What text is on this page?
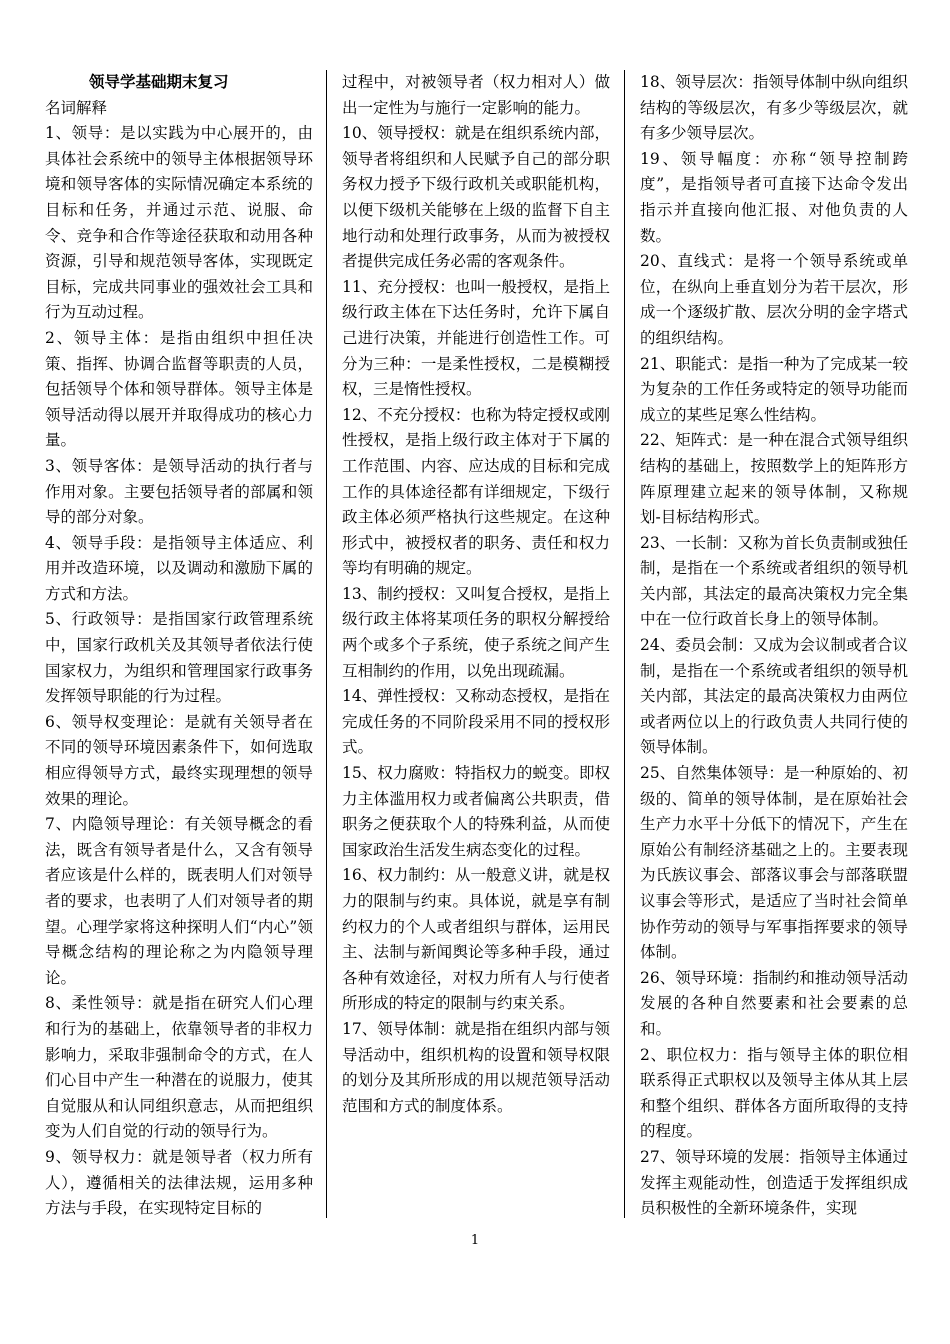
领导学基础期末复习
名词解释

1、领导：是以实践为中心展开的，由具体社会系统中的领导主体根据领导环境和领导客体的实际情况确定本系统的目标和任务，并通过示范、说服、命令、竞争和合作等途径获取和动用各种资源，引导和规范领导客体，实现既定目标，完成共同事业的强效社会工具和行为互动过程。

2、领导主体：是指由组织中担任决策、指挥、协调合监督等职责的人员，包括领导个体和领导群体。领导主体是领导活动得以展开并取得成功的核心力量。

3、领导客体：是领导活动的执行者与作用对象。主要包括领导者的部属和领导的部分对象。

4、领导手段：是指领导主体适应、利用并改造环境，以及调动和激励下属的方式和方法。

5、行政领导：是指国家行政管理系统中，国家行政机关及其领导者依法行使国家权力，为组织和管理国家行政事务发挥领导职能的行为过程。

6、领导权变理论：是就有关领导者在不同的领导环境因素条件下，如何选取相应得领导方式，最终实现理想的领导效果的理论。

7、内隐领导理论：有关领导概念的看法，既含有领导者是什么，又含有领导者应该是什么样的，既表明人们对领导者的要求，也表明了人们对领导者的期望。心理学家将这种探明人们“内心”领导概念结构的理论称之为内隐领导理论。

8、柔性领导：就是指在研究人们心理和行为的基础上，依靠领导者的非权力影响力，采取非强制命令的方式，在人们心目中产生一种潜在的说服力，使其自觉服从和认同组织意志，从而把组织变为人们自觉的行动的领导行为。

9、领导权力：就是领导者（权力所有人），遵循相关的法律法规，运用多种方法与手段，在实现特定目标的

过程中，对被领导者（权力相对人）做出一定性为与施行一定影响的能力。

10、领导授权：就是在组织系统内部，领导者将组织和人民赋予自己的部分职务权力授予下级行政机关或职能机构，以便下级机关能够在上级的监督下自主地行动和处理行政事务，从而为被授权者提供完成任务必需的客观条件。

11、充分授权：也叫一般授权，是指上级行政主体在下达任务时，允许下属自己进行决策，并能进行创造性工作。可分为三种：一是柔性授权，二是模糊授权，三是惰性授权。

12、不充分授权：也称为特定授权或刚性授权，是指上级行政主体对于下属的工作范围、内容、应达成的目标和完成工作的具体途径都有详细规定，下级行政主体必须严格执行这些规定。在这种形式中，被授权者的职务、责任和权力等均有明确的规定。

13、制约授权：又叫复合授权，是指上级行政主体将某项任务的职权分解授给两个或多个子系统，使子系统之间产生互相制约的作用，以免出现疏漏。

14、弹性授权：又称动态授权，是指在完成任务的不同阶段采用不同的授权形式。

15、权力腐败：特指权力的蜕变。即权力主体滥用权力或者偏离公共职责，借职务之便获取个人的特殊利益，从而使国家政治生活发生病态变化的过程。

16、权力制约：从一般意义讲，就是权力的限制与约束。具体说，就是享有制约权力的个人或者组织与群体，运用民主、法制与新闻舆论等多种手段，通过各种有效途径，对权力所有人与行使者所形成的特定的限制与约束关系。

17、领导体制：就是指在组织内部与领导活动中，组织机构的设置和领导权限的划分及其所形成的用以规范领导活动范围和方式的制度体系。

18、领导层次：指领导体制中纵向组织结构的等级层次，有多少等级层次，就有多少领导层次。

19、领导幅度：亦称“领导控制跨度”，是指领导者可直接下达命令发出指示并直接向他汇报、对他负责的人数。

20、直线式：是将一个领导系统或单位，在纵向上垂直划分为若干层次，形成一个逐级扩散、层次分明的金字塔式的组织结构。

21、职能式：是指一种为了完成某一较为复杂的工作任务或特定的领导功能而成立的某些足寒么性结构。

22、矩阵式：是一种在混合式领导组织结构的基础上，按照数学上的矩阵形方阵原理建立起来的领导体制，又称规划-目标结构形式。

23、一长制：又称为首长负责制或独任制，是指在一个系统或者组织的领导机关内部，其法定的最高决策权力完全集中在一位行政首长身上的领导体制。

24、委员会制：又成为会议制或者合议制，是指在一个系统或者组织的领导机关内部，其法定的最高决策权力由两位或者两位以上的行政负责人共同行使的领导体制。

25、自然集体领导：是一种原始的、初级的、简单的领导体制，是在原始社会生产力水平十分低下的情况下，产生在原始公有制经济基础之上的。主要表现为氏族议事会、部落议事会与部落联盟议事会等形式，是适应了当时社会简单协作劳动的领导与军事指挥要求的领导体制。

26、领导环境：指制约和推动领导活动发展的各种自然要素和社会要素的总和。

2、职位权力：指与领导主体的职位相联系得正式职权以及领导主体从其上层和整个组织、群体各方面所取得的支持的程度。

27、领导环境的发展：指领导主体通过发挥主观能动性，创造适于发挥组织成员积极性的全新环境条件，实现

1
